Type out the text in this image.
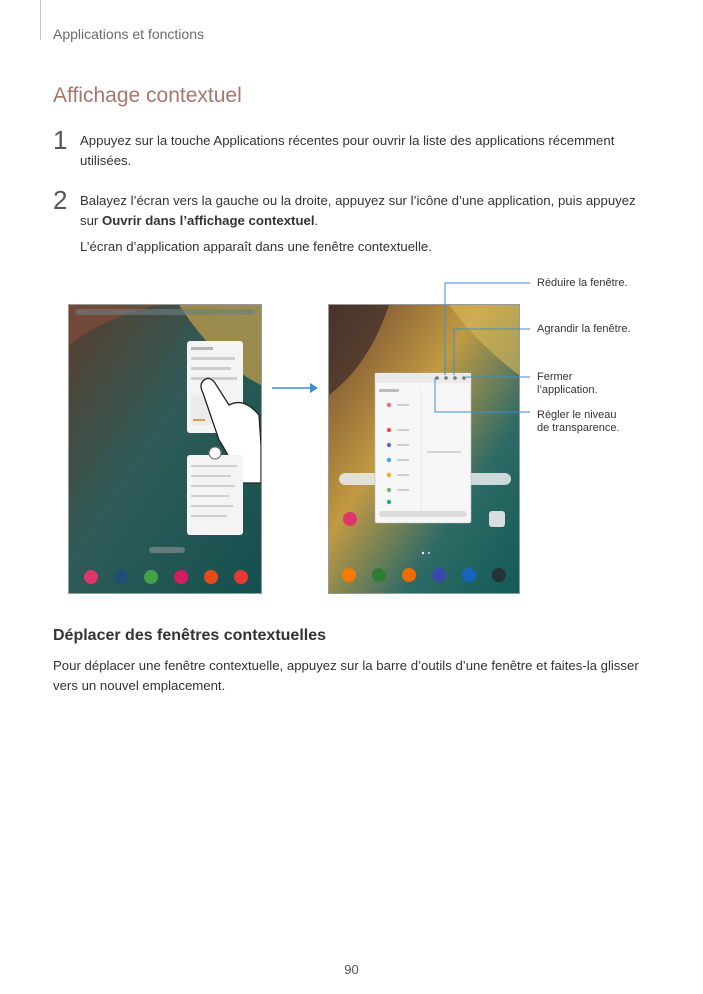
Applications et fonctions
Affichage contextuel
1 Appuyez sur la touche Applications récentes pour ouvrir la liste des applications récemment utilisées.
2 Balayez l’écran vers la gauche ou la droite, appuyez sur l’icône d’une application, puis appuyez sur Ouvrir dans l’affichage contextuel.
L’écran d’application apparaît dans une fenêtre contextuelle.
Réduire la fenêtre.
Agrandir la fenêtre.
Fermer
l’application.
Régler le niveau
de transparence.
Déplacer des fenêtres contextuelles
Pour déplacer une fenêtre contextuelle, appuyez sur la barre d’outils d’une fenêtre et faites-la glisser
vers un nouvel emplacement.
90
